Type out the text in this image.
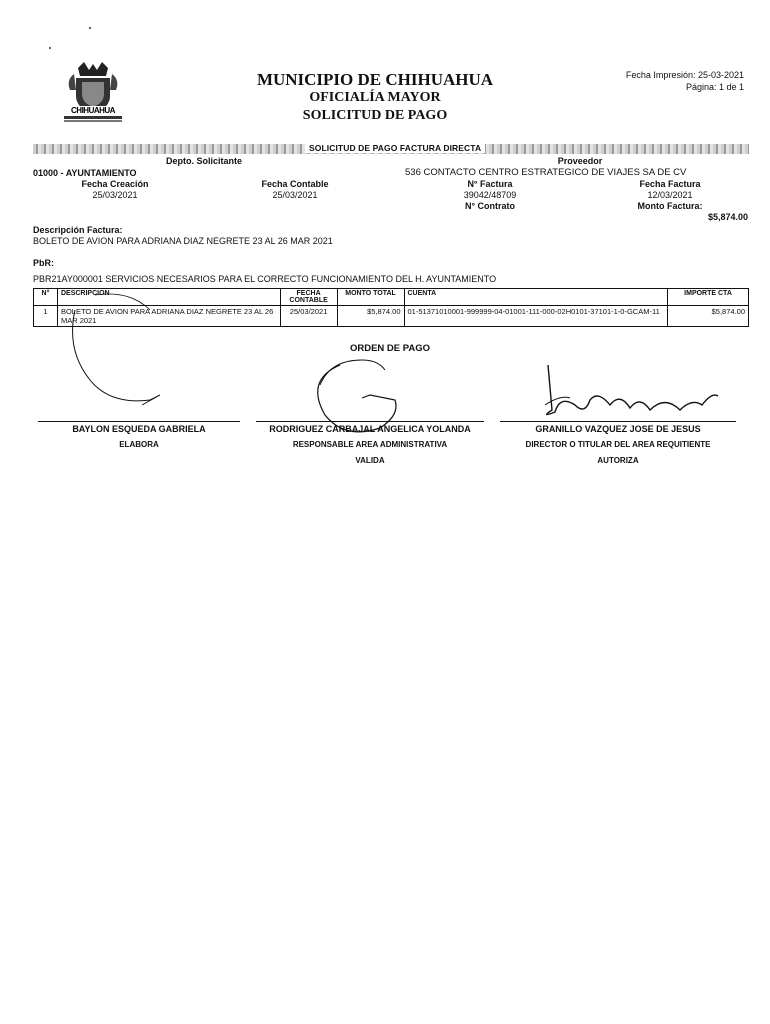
CHIHUAHUA
MUNICIPIO DE CHIHUAHUA
OFICIALÍA MAYOR
SOLICITUD DE PAGO
Fecha Impresión: 25-03-2021
Página: 1 de 1
SOLICITUD DE PAGO FACTURA DIRECTA
Depto. Solicitante
01000 - AYUNTAMIENTO
Fecha Creación
25/03/2021
Fecha Contable
25/03/2021
Proveedor
536 CONTACTO CENTRO ESTRATEGICO DE VIAJES SA DE CV
N° Factura
39042/48709
N° Contrato
Fecha Factura
12/03/2021
Monto Factura:
$5,874.00
Descripción Factura:
BOLETO DE AVION PARA ADRIANA DIAZ NEGRETE 23 AL 26 MAR 2021
PbR:
PBR21AY000001 SERVICIOS NECESARIOS PARA EL CORRECTO FUNCIONAMIENTO DEL H. AYUNTAMIENTO
N°	DESCRIPCION	FECHA CONTABLE	MONTO TOTAL	CUENTA	IMPORTE CTA
1	BOLETO DE AVION PARA ADRIANA DIAZ NEGRETE 23 AL 26 MAR 2021	25/03/2021	$5,874.00	01-51371010001-999999-04-01001-111-000-02H0101-37101-1-0-GCAM-11	$5,874.00
ORDEN DE PAGO
BAYLON ESQUEDA GABRIELA
ELABORA
RODRIGUEZ CARBAJAL ANGELICA YOLANDA
RESPONSABLE AREA ADMINISTRATIVA
VALIDA
GRANILLO VAZQUEZ JOSE DE JESUS
DIRECTOR O TITULAR DEL AREA REQUITIENTE
AUTORIZA
